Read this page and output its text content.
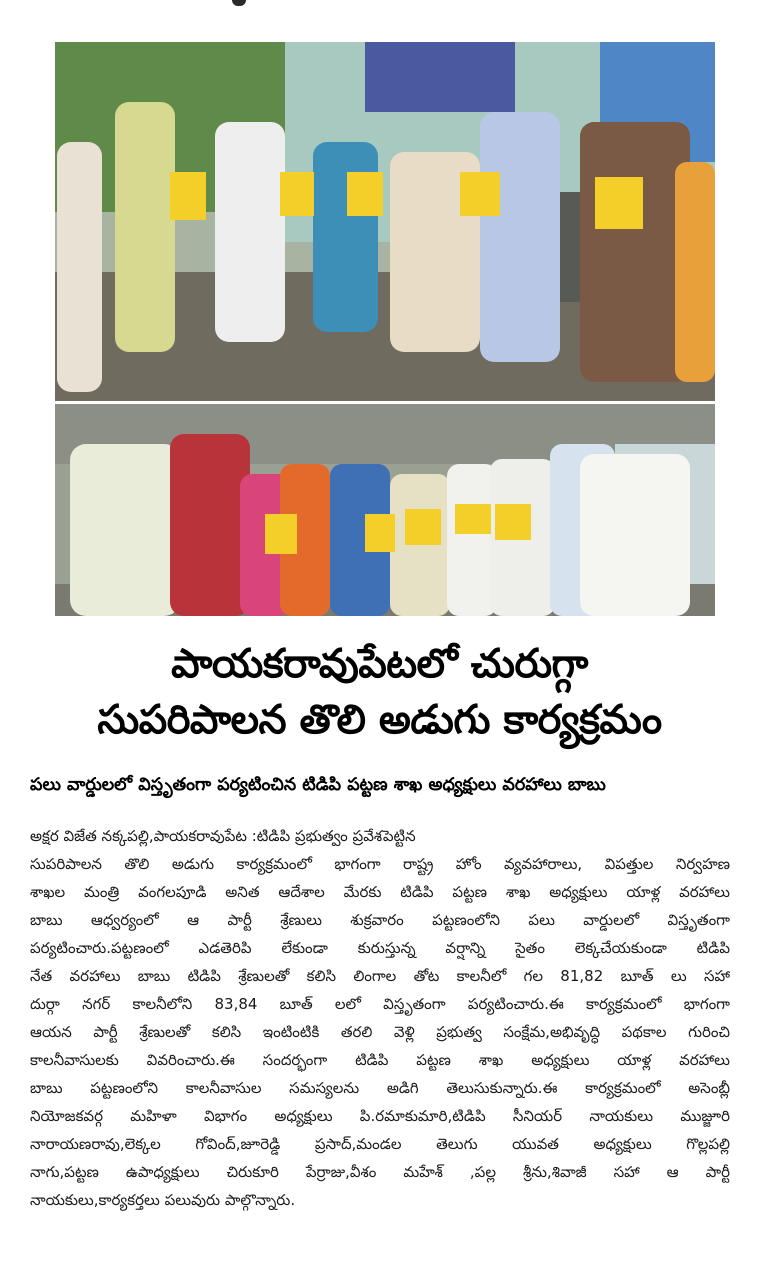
పాయకరావుపేటలో చురుగ్గా
సుపరిపాలన తొలి అడుగు కార్యక్రమం
పలు వార్డులలో విస్తృతంగా పర్యటించిన టిడిపి పట్టణ శాఖ అధ్యక్షులు వరహాలు బాబు

అక్షర విజేత నక్కపల్లి,పాయకరావుపేట :టిడిపి ప్రభుత్వం ప్రవేశపెట్టిన

సుపరిపాలన తొలి అడుగు కార్యక్రమంలో భాగంగా రాష్ట్ర హోం వ్యవహారాలు, విపత్తుల నిర్వహణ

శాఖల మంత్రి వంగలపూడి అనిత ఆదేశాల మేరకు టిడిపి పట్టణ శాఖ అధ్యక్షులు యాళ్ల వరహాలు

బాబు ఆధ్వర్యంలో ఆ పార్టీ శ్రేణులు శుక్రవారం పట్టణంలోని పలు వార్డులలో విస్తృతంగా

పర్యటించారు.పట్టణంలో ఎడతెరిపి లేకుండా కురుస్తున్న వర్షాన్ని సైతం లెక్కచేయకుండా టిడిపి

నేత వరహాలు బాబు టిడిపి శ్రేణులతో కలిసి లింగాల తోట కాలనీలో గల 81,82 బూత్ లు సహా

దుర్గా నగర్ కాలనీలోని 83,84 బూత్ లలో విస్తృతంగా పర్యటించారు.ఈ కార్యక్రమంలో భాగంగా

ఆయన పార్టీ శ్రేణులతో కలిసి ఇంటింటికి తరలి వెళ్లి ప్రభుత్వ సంక్షేమ,అభివృద్ధి పథకాల గురించి

కాలనీవాసులకు వివరించారు.ఈ సందర్భంగా టిడిపి పట్టణ శాఖ అధ్యక్షులు యాళ్ల వరహాలు

బాబు పట్టణంలోని కాలనీవాసుల సమస్యలను అడిగి తెలుసుకున్నారు.ఈ కార్యక్రమంలో అసెంబ్లీ

నియోజకవర్గ మహిళా విభాగం అధ్యక్షులు పి.రమాకుమారి,టిడిపి సీనియర్ నాయకులు ముజ్జూరి

నారాయణరావు,లెక్కల గోవింద్,జూరెడ్డి ప్రసాద్,మండల తెలుగు యువత అధ్యక్షులు గొల్లపల్లి

నాగు,పట్టణ ఉపాధ్యక్షులు చిరుకూరి పేర్రాజు,వీశం మహేశ్ ,పల్ల శ్రీను,శివాజీ సహా ఆ పార్టీ

నాయకులు,కార్యకర్తలు పలువురు పాల్గొన్నారు.
